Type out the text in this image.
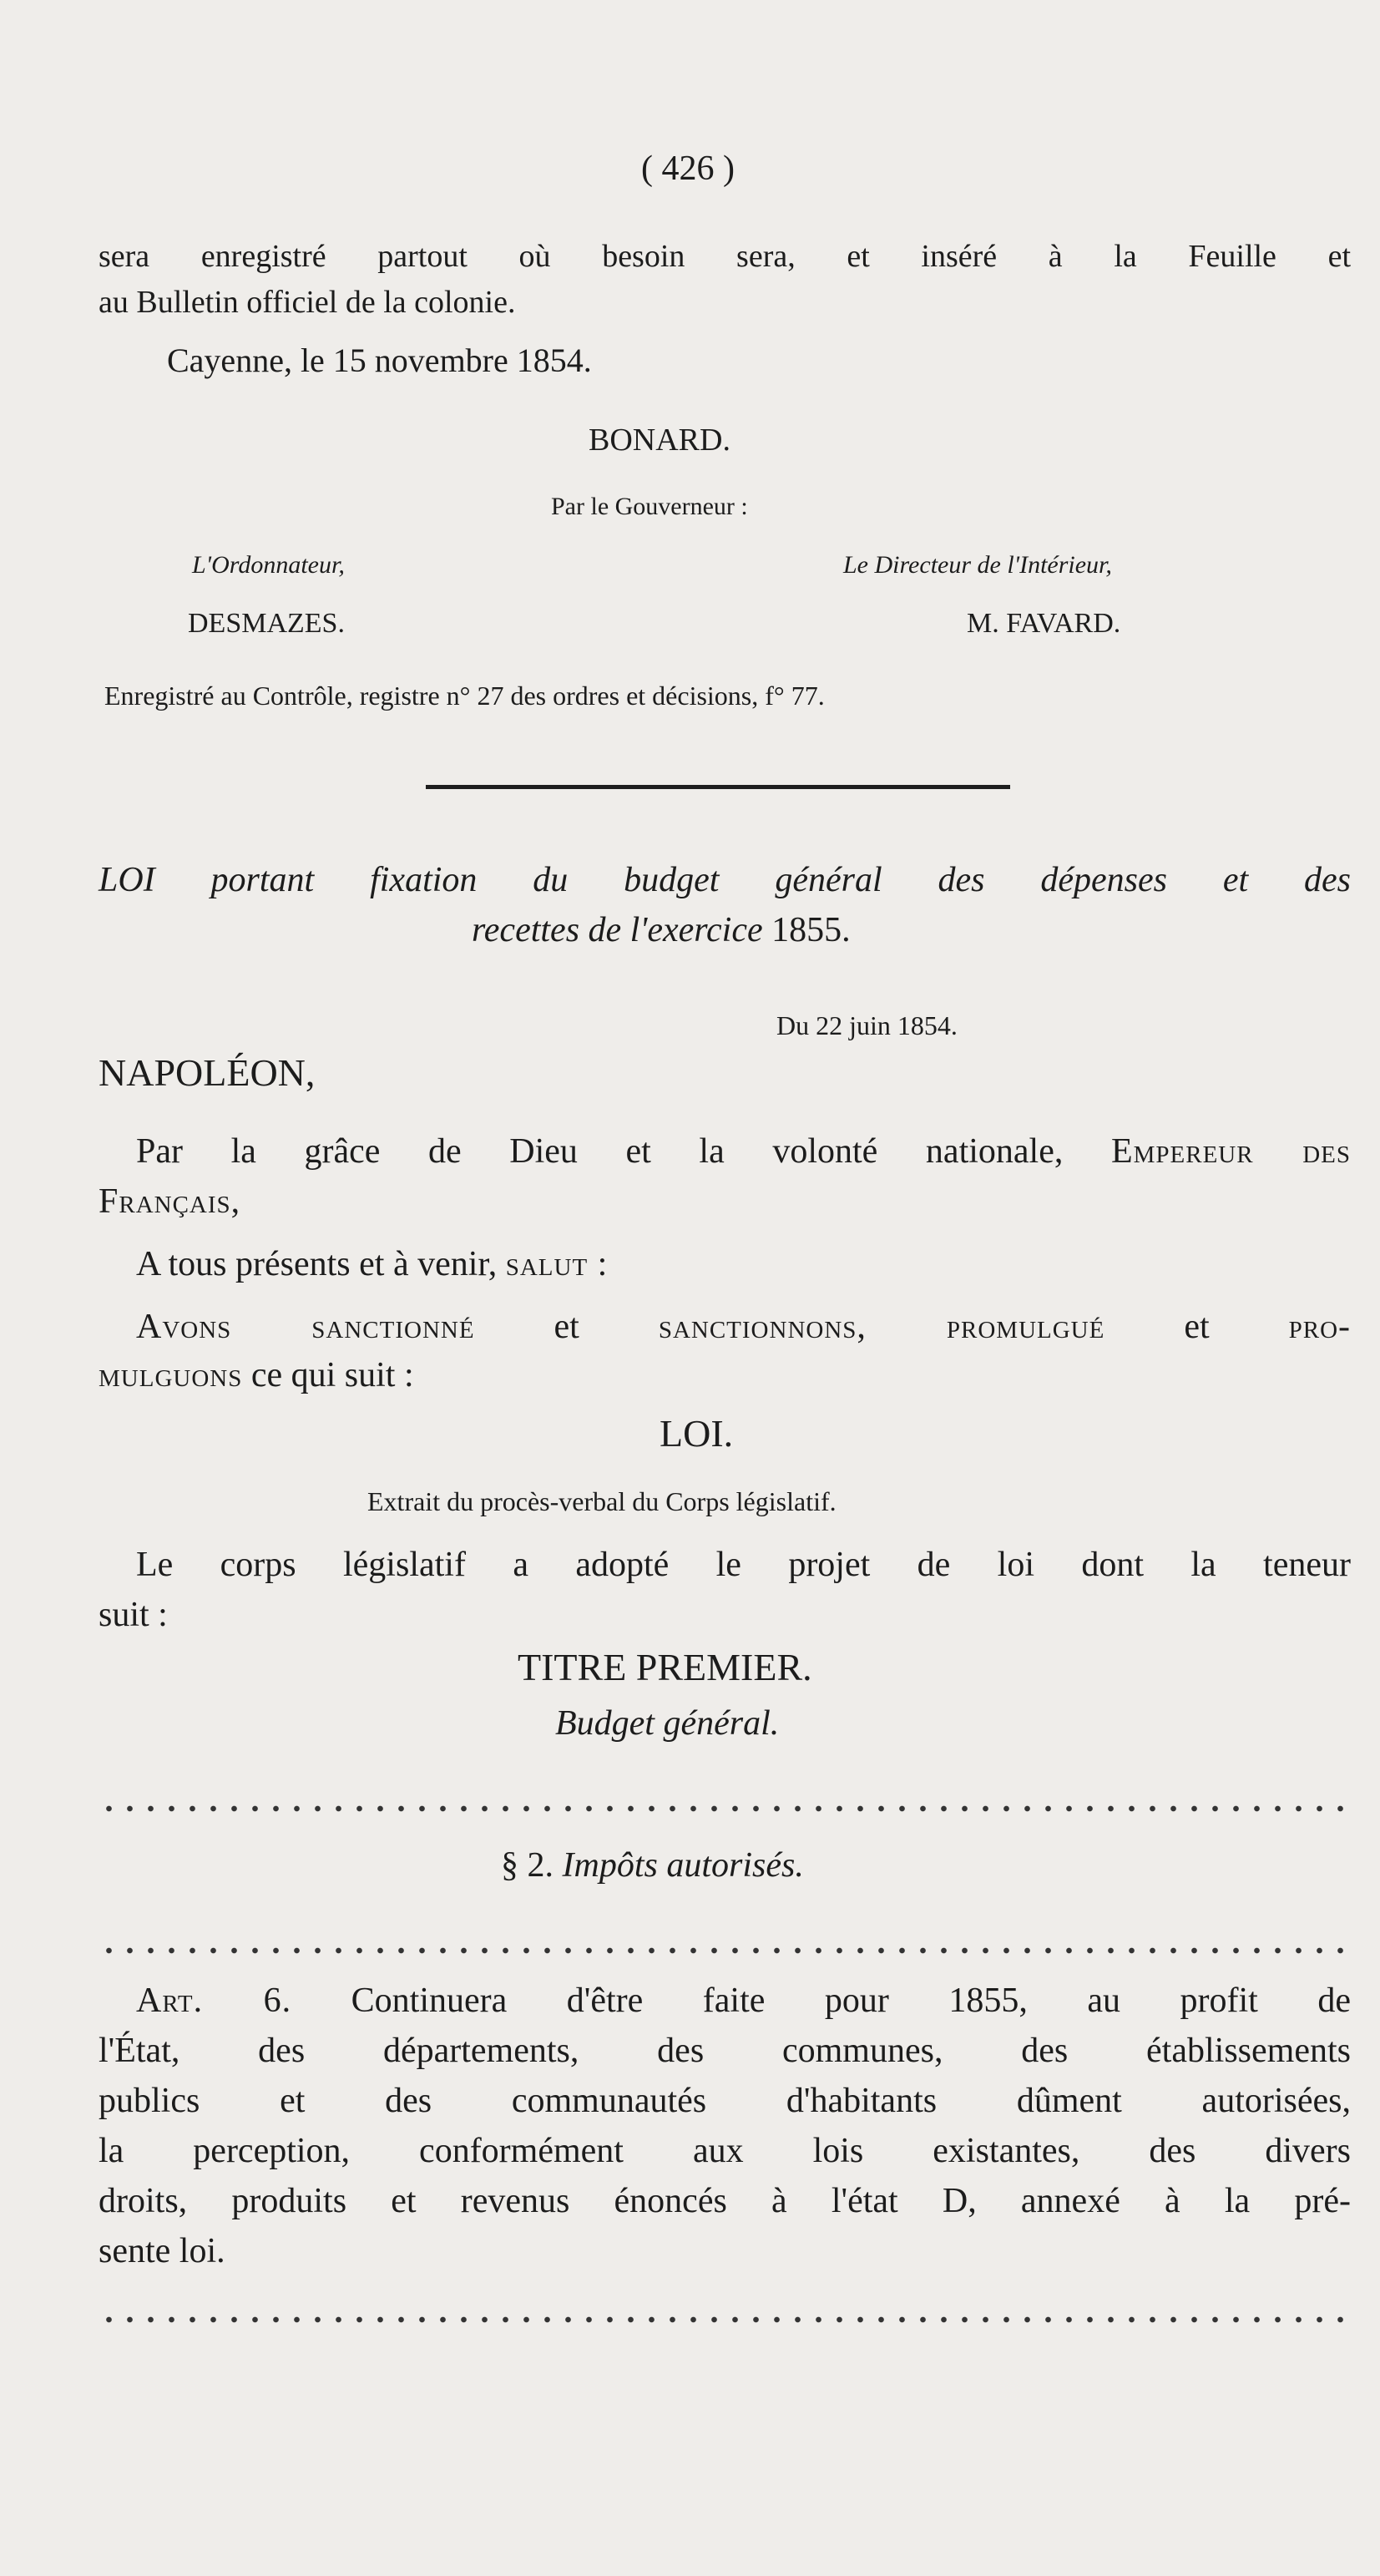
( 426 )
sera enregistré partout où besoin sera, et inséré à la Feuille et
au Bulletin officiel de la colonie.
Cayenne, le 15 novembre 1854.
BONARD.
Par le Gouverneur :
L'Ordonnateur,
DESMAZES.
Le Directeur de l'Intérieur,
M. FAVARD.
Enregistré au Contrôle, registre n° 27 des ordres et décisions, f° 77.
LOI portant fixation du budget général des dépenses et des
recettes de l'exercice 1855.
Du 22 juin 1854.
NAPOLÉON,
Par la grâce de Dieu et la volonté nationale, Empereur des
Français,
A tous présents et à venir, salut :
Avons sanctionné et sanctionnons, promulgué et pro-
mulguons ce qui suit :
LOI.
Extrait du procès-verbal du Corps législatif.
Le corps législatif a adopté le projet de loi dont la teneur
suit :
TITRE PREMIER.
Budget général.
§ 2. Impôts autorisés.
Art. 6. Continuera d'être faite pour 1855, au profit de
l'État, des départements, des communes, des établissements
publics et des communautés d'habitants dûment autorisées,
la perception, conformément aux lois existantes, des divers
droits, produits et revenus énoncés à l'état D, annexé à la pré-
sente loi.
